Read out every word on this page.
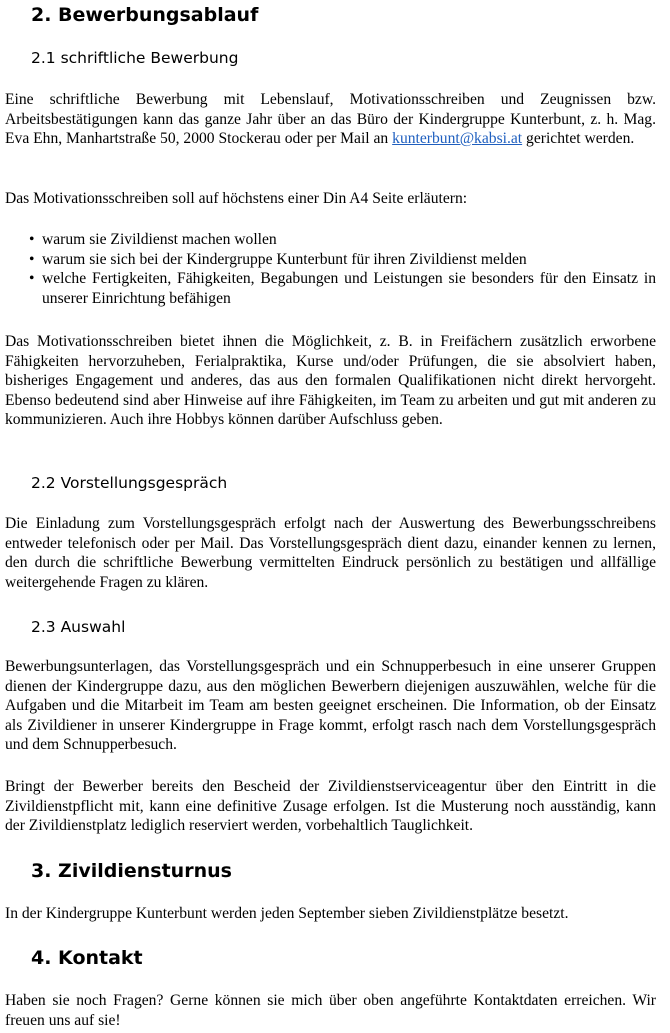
2. Bewerbungsablauf
2.1 schriftliche Bewerbung

Eine schriftliche Bewerbung mit Lebenslauf, Motivationsschreiben und Zeugnissen bzw. Arbeitsbestätigungen kann das ganze Jahr über an das Büro der Kindergruppe Kunterbunt, z. h. Mag. Eva Ehn, Manhartstraße 50, 2000 Stockerau oder per Mail an kunterbunt@kabsi.at gerichtet werden.

Das Motivationsschreiben soll auf höchstens einer Din A4 Seite erläutern:

• warum sie Zivildienst machen wollen
• warum sie sich bei der Kindergruppe Kunterbunt für ihren Zivildienst melden
• welche Fertigkeiten, Fähigkeiten, Begabungen und Leistungen sie besonders für den Einsatz in unserer Einrichtung befähigen

Das Motivationsschreiben bietet ihnen die Möglichkeit, z. B. in Freifächern zusätzlich erworbene Fähigkeiten hervorzuheben, Ferialpraktika, Kurse und/oder Prüfungen, die sie absolviert haben, bisheriges Engagement und anderes, das aus den formalen Qualifikationen nicht direkt hervorgeht. Ebenso bedeutend sind aber Hinweise auf ihre Fähigkeiten, im Team zu arbeiten und gut mit anderen zu kommunizieren. Auch ihre Hobbys können darüber Aufschluss geben.

2.2 Vorstellungsgespräch

Die Einladung zum Vorstellungsgespräch erfolgt nach der Auswertung des Bewerbungsschreibens entweder telefonisch oder per Mail. Das Vorstellungsgespräch dient dazu, einander kennen zu lernen, den durch die schriftliche Bewerbung vermittelten Eindruck persönlich zu bestätigen und allfällige weitergehende Fragen zu klären.

2.3 Auswahl

Bewerbungsunterlagen, das Vorstellungsgespräch und ein Schnupperbesuch in eine unserer Gruppen dienen der Kindergruppe dazu, aus den möglichen Bewerbern diejenigen auszuwählen, welche für die Aufgaben und die Mitarbeit im Team am besten geeignet erscheinen. Die Information, ob der Einsatz als Zivildiener in unserer Kindergruppe in Frage kommt, erfolgt rasch nach dem Vorstellungsgespräch und dem Schnupperbesuch.

Bringt der Bewerber bereits den Bescheid der Zivildienstserviceagentur über den Eintritt in die Zivildienstpflicht mit, kann eine definitive Zusage erfolgen. Ist die Musterung noch ausständig, kann der Zivildienstplatz lediglich reserviert werden, vorbehaltlich Tauglichkeit.

3. Zivildiensturnus

In der Kindergruppe Kunterbunt werden jeden September sieben Zivildienstplätze besetzt.

4. Kontakt

Haben sie noch Fragen? Gerne können sie mich über oben angeführte Kontaktdaten erreichen. Wir freuen uns auf sie!
